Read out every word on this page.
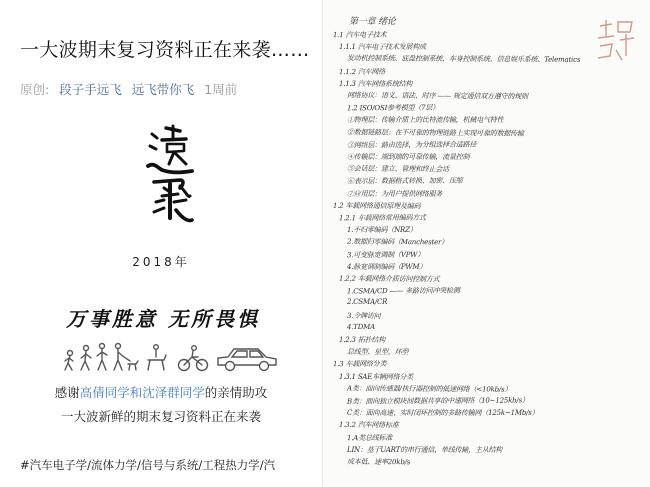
一大波期末复习资料正在来袭……
原创: 段子手远飞 远飞带你飞 1周前
遠飛
2018年
万事胜意 无所畏惧
感谢高倩同学和沈泽群同学的亲情助攻
一大波新鲜的期末复习资料正在来袭
#汽车电子学/流体力学/信号与系统/工程热力学/汽
第一章 绪论
远飞
1.1 汽车电子技术
1.1.1 汽车电子技术发展构成
发动机控制系统、底盘控制系统、车身控制系统、信息娱乐系统、Telematics
1.1.2 汽车网络
1.1.3 汽车网络系统结构
网络协议：语义、语法、时序 —— 规定通信双方遵守的规则
1.2 ISO/OSI参考模型（7层）
①物理层：传输介质上的比特流传输，机械电气特性
②数据链路层：在不可靠的物理链路上实现可靠的数据传输
③网络层：路由选择，为分组选择合适路径
④传输层：端到端的可靠传输，流量控制
⑤会话层：建立、管理和终止会话
⑥表示层：数据格式转换、加密、压缩
⑦应用层：为用户提供网络服务
1.2 车载网络通信原理及编码
1.2.1 车载网络常用编码方式
1.不归零编码（NRZ）
2.数据归零编码（Manchester）
3.可变脉宽调制（VPW）
4.脉宽调制编码（PWM）
1.2.2 车载网络介质访问控制方式
1.CSMA/CD —— 多路访问冲突检测
2.CSMA/CR
3.令牌访问
4.TDMA
1.2.3 拓扑结构
总线型、星型、环型
1.3 车载网络分类
1.3.1 SAE车辆网络分类
A类：面向传感器/执行器控制的低速网络（<10kb/s）
B类：面向独立模块间数据共享的中速网络（10~125kb/s）
C类：面向高速、实时闭环控制的多路传输网（125k~1Mb/s）
1.3.2 汽车网络标准
1.A类总线标准
LIN：基于UART的串行通信，单线传输，主从结构
成本低、速率20kb/s
